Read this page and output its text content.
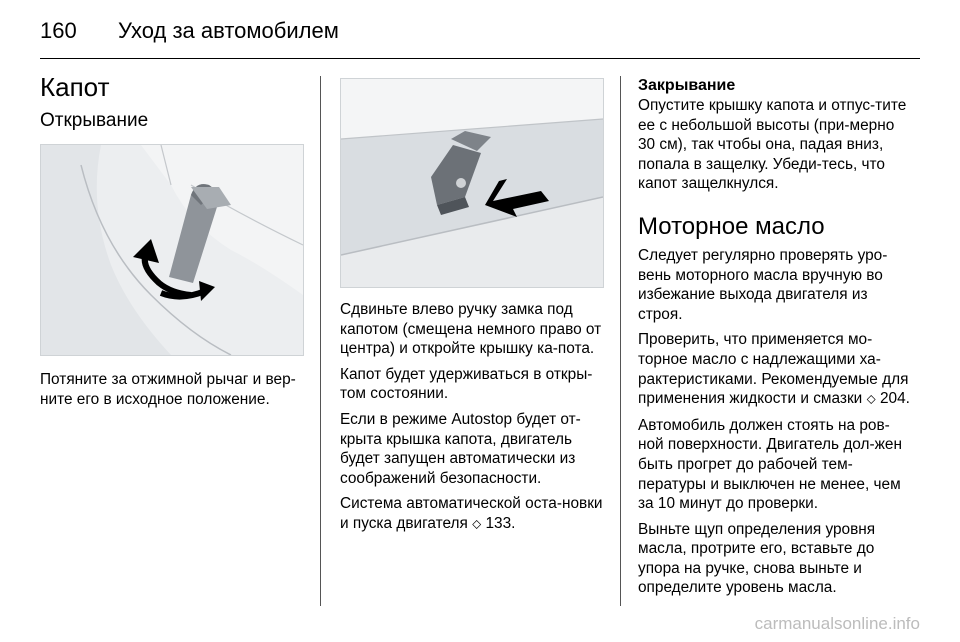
160	Уход за автомобилем
Капот
Открывание

Потяните за отжимной рычаг и вер-ните его в исходное положение.

Сдвиньте влево ручку замка под капотом (смещена немного право от центра) и откройте крышку ка-пота.

Капот будет удерживаться в откры-том состоянии.

Если в режиме Autostop будет от-крыта крышка капота, двигатель будет запущен автоматически из соображений безопасности.

Система автоматической оста-новки и пуска двигателя ⬦ 133.

Закрывание

Опустите крышку капота и отпус-тите ее с небольшой высоты (при-мерно 30 см), так чтобы она, падая вниз, попала в защелку. Убеди-тесь, что капот защелкнулся.

Моторное масло

Следует регулярно проверять уро-вень моторного масла вручную во избежание выхода двигателя из строя.

Проверить, что применяется мо-торное масло с надлежащими ха-рактеристиками. Рекомендуемые для применения жидкости и смазки ⬦ 204.

Автомобиль должен стоять на ров-ной поверхности. Двигатель дол-жен быть прогрет до рабочей тем-пературы и выключен не менее, чем за 10 минут до проверки.

Выньте щуп определения уровня масла, протрите его, вставьте до упора на ручке, снова выньте и определите уровень масла.

carmanualsonline.info
